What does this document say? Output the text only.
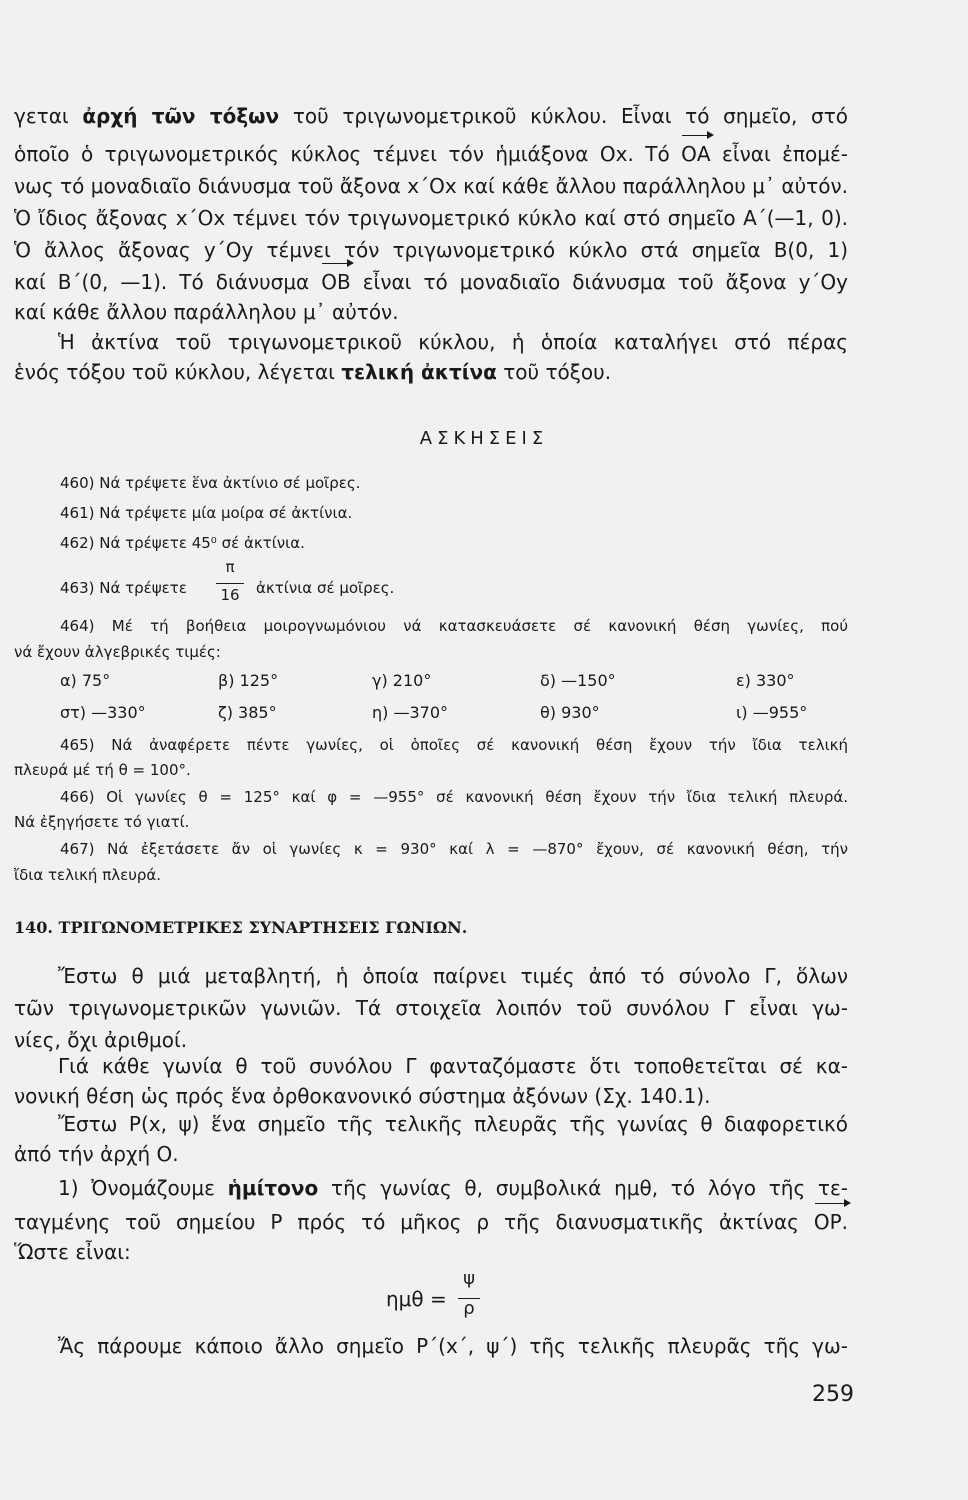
γεται ἀρχή τῶν τόξων τοῦ τριγωνομετρικοῦ κύκλου. Εἶναι τό σημεῖο, στό
ὁποῖο ὁ τριγωνομετρικός κύκλος τέμνει τόν ἡμιάξονα Οx. Τό ΟΑ εἶναι ἐπομέ-
νως τό μοναδιαῖο διάνυσμα τοῦ ἄξονα x΄Οx καί κάθε ἄλλου παράλληλου μ᾿ αὐτόν.
Ὁ ἴδιος ἄξονας x΄Οx τέμνει τόν τριγωνομετρικό κύκλο καί στό σημεῖο Α΄(—1, 0).
Ὁ ἄλλος ἄξονας y΄Οy τέμνει τόν τριγωνομετρικό κύκλο στά σημεῖα Β(0, 1)
καί Β΄(0, —1). Τό διάνυσμα ΟΒ εἶναι τό μοναδιαῖο διάνυσμα τοῦ ἄξονα y΄Οy
καί κάθε ἄλλου παράλληλου μ᾿ αὐτόν.
Ἡ ἀκτίνα τοῦ τριγωνομετρικοῦ κύκλου, ἡ ὁποία καταλήγει στό πέρας
ἑνός τόξου τοῦ κύκλου, λέγεται τελική ἀκτίνα τοῦ τόξου.
ΑΣΚΗΣΕΙΣ
460) Νά τρέψετε ἕνα ἀκτίνιο σέ μοῖρες.
461) Νά τρέψετε μία μοίρα σέ ἀκτίνια.
462) Νά τρέψετε 45⁰ σέ ἀκτίνια.
463) Νά τρέψετε
π
16	ἀκτίνια σέ μοῖρες.
464) Μέ τή βοήθεια μοιρογνωμόνιου νά κατασκευάσετε σέ κανονική θέση γωνίες, πού
νά ἔχουν ἀλγεβρικές τιμές:
α) 75°	β) 125°	γ) 210°	δ) —150°	ε) 330°
στ) —330°	ζ) 385°	η) —370°	θ) 930°	ι) —955°
465) Νά ἀναφέρετε πέντε γωνίες, οἱ ὁποῖες σέ κανονική θέση ἔχουν τήν ἴδια τελική
πλευρά μέ τή θ = 100°.
466) Οἱ γωνίες θ = 125° καί φ = —955° σέ κανονική θέση ἔχουν τήν ἴδια τελική πλευρά.
Νά ἐξηγήσετε τό γιατί.
467) Νά ἐξετάσετε ἄν οἱ γωνίες κ = 930° καί λ = —870° ἔχουν, σέ κανονική θέση, τήν
ἴδια τελική πλευρά.
140. ΤΡΙΓΩΝΟΜΕΤΡΙΚΕΣ ΣΥΝΑΡΤΗΣΕΙΣ ΓΩΝΙΩΝ.
Ἔστω θ μιά μεταβλητή, ἡ ὁποία παίρνει τιμές ἀπό τό σύνολο Γ, ὅλων
τῶν τριγωνομετρικῶν γωνιῶν. Τά στοιχεῖα λοιπόν τοῦ συνόλου Γ εἶναι γω-
νίες, ὄχι ἀριθμοί.
Γιά κάθε γωνία θ τοῦ συνόλου Γ φανταζόμαστε ὅτι τοποθετεῖται σέ κα-
νονική θέση ὡς πρός ἕνα ὀρθοκανονικό σύστημα ἀξόνων (Σχ. 140.1).
Ἔστω Ρ(x, ψ) ἕνα σημεῖο τῆς τελικῆς πλευρᾶς τῆς γωνίας θ διαφορετικό
ἀπό τήν ἀρχή Ο.
1) Ὀνομάζουμε ἡμίτονο τῆς γωνίας θ, συμβολικά ημθ, τό λόγο τῆς τε-
ταγμένης τοῦ σημείου Ρ πρός τό μῆκος ρ τῆς διανυσματικῆς ἀκτίνας ΟΡ.
Ὥστε εἶναι:
ημθ =
ψ
ρ
Ἄς πάρουμε κάποιο ἄλλο σημεῖο Ρ΄(x΄, ψ΄) τῆς τελικῆς πλευρᾶς τῆς γω-
259
